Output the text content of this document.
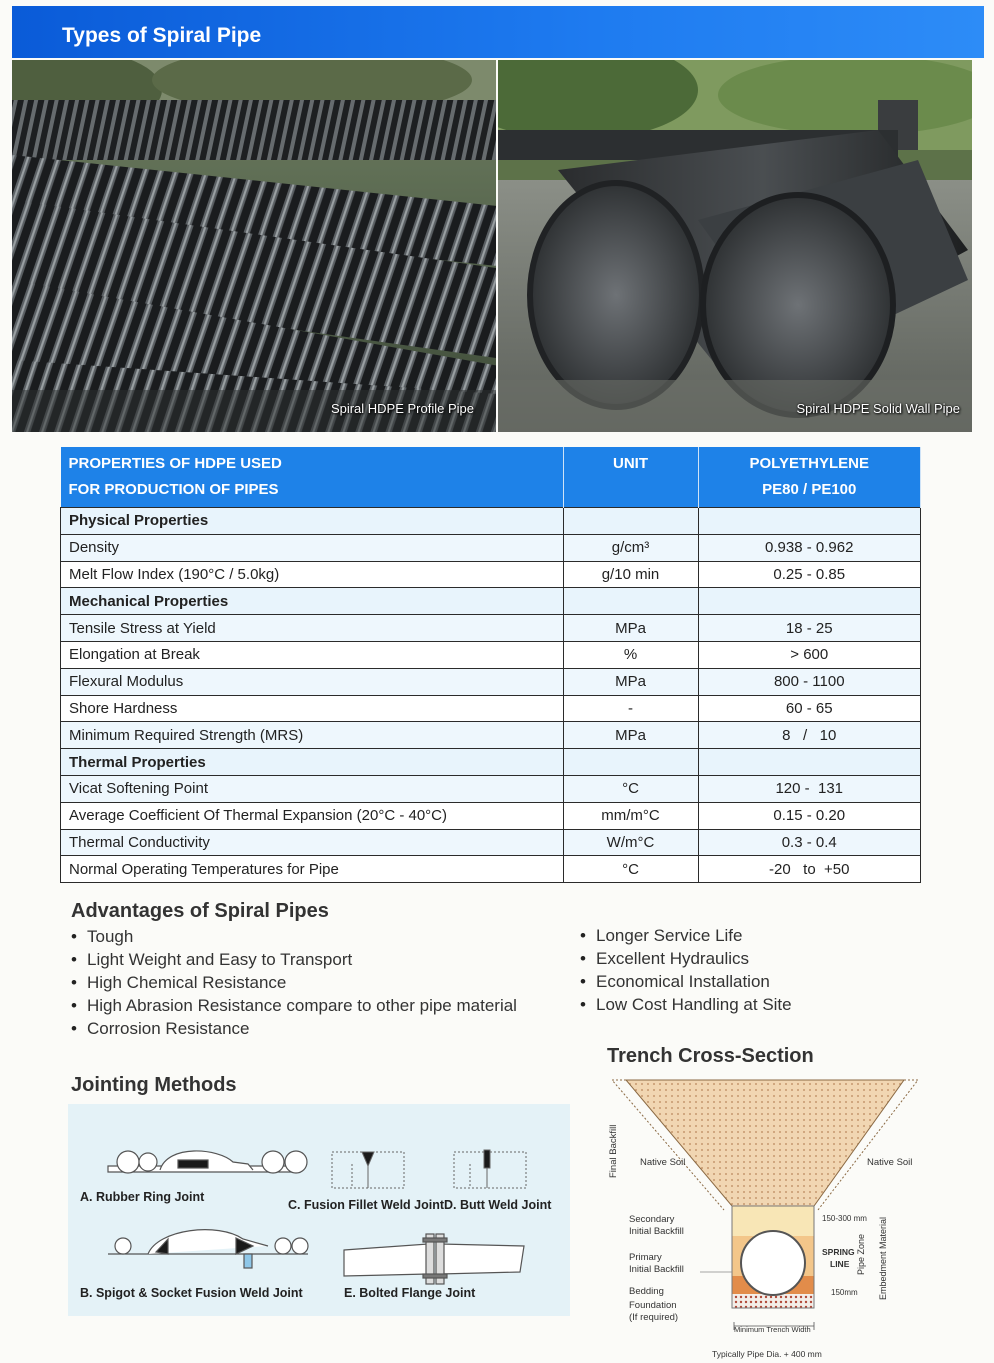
Types of Spiral Pipe
Spiral HDPE Profile Pipe	Spiral HDPE Solid Wall Pipe
PROPERTIES OF HDPE USED
FOR PRODUCTION OF PIPES	UNIT	POLYETHYLENE
PE80 / PE100
Physical Properties		
Density	g/cm³	0.938 - 0.962
Melt Flow Index (190°C / 5.0kg)	g/10 min	0.25 - 0.85
Mechanical Properties		
Tensile Stress at Yield	MPa	18 - 25
Elongation at Break	%	> 600
Flexural Modulus	MPa	800 - 1100
Shore Hardness	-	60 - 65
Minimum Required Strength (MRS)	MPa	8   /   10
Thermal Properties		
Vicat Softening Point	°C	120 -  131
Average Coefficient Of Thermal Expansion (20°C - 40°C)	mm/m°C	0.15 - 0.20
Thermal Conductivity	W/m°C	0.3 - 0.4
Normal Operating Temperatures for Pipe	°C	-20   to  +50
Advantages of Spiral Pipes
• Tough
• Light Weight and Easy to Transport
• High Chemical Resistance
• High Abrasion Resistance compare to other pipe material
• Corrosion Resistance
• Longer Service Life
• Excellent Hydraulics
• Economical Installation
• Low Cost Handling at Site
Jointing Methods
A. Rubber Ring Joint
B. Spigot & Socket Fusion Weld Joint
C. Fusion Fillet Weld Joint D. Butt Weld Joint
E. Bolted Flange Joint
Trench Cross-Section
Final Backfill Native Soil	Native Soil
Secondary
Initial Backfill
Primary
Initial Backfill
Bedding
Foundation
(If required)
150-300 mm
SPRING
LINE
150mm
Pipe Zone Embedment Material
Minimum Trench Width
Typically Pipe Dia. + 400 mm
